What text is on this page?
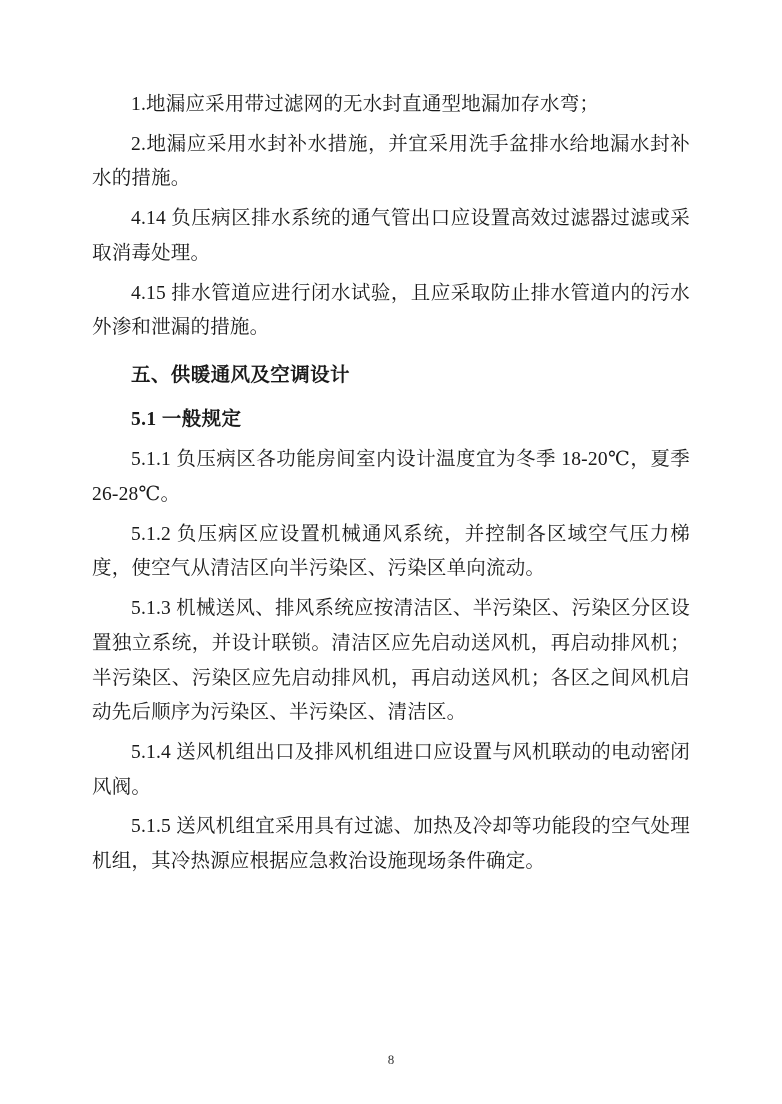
1.地漏应采用带过滤网的无水封直通型地漏加存水弯；

2.地漏应采用水封补水措施，并宜采用洗手盆排水给地漏水封补水的措施。

4.14 负压病区排水系统的通气管出口应设置高效过滤器过滤或采取消毒处理。

4.15 排水管道应进行闭水试验，且应采取防止排水管道内的污水外渗和泄漏的措施。

五、供暖通风及空调设计

5.1 一般规定

5.1.1 负压病区各功能房间室内设计温度宜为冬季 18-20℃，夏季 26-28℃。

5.1.2 负压病区应设置机械通风系统，并控制各区域空气压力梯度，使空气从清洁区向半污染区、污染区单向流动。

5.1.3 机械送风、排风系统应按清洁区、半污染区、污染区分区设置独立系统，并设计联锁。清洁区应先启动送风机，再启动排风机；半污染区、污染区应先启动排风机，再启动送风机；各区之间风机启动先后顺序为污染区、半污染区、清洁区。

5.1.4 送风机组出口及排风机组进口应设置与风机联动的电动密闭风阀。

5.1.5 送风机组宜采用具有过滤、加热及冷却等功能段的空气处理机组，其冷热源应根据应急救治设施现场条件确定。

8
